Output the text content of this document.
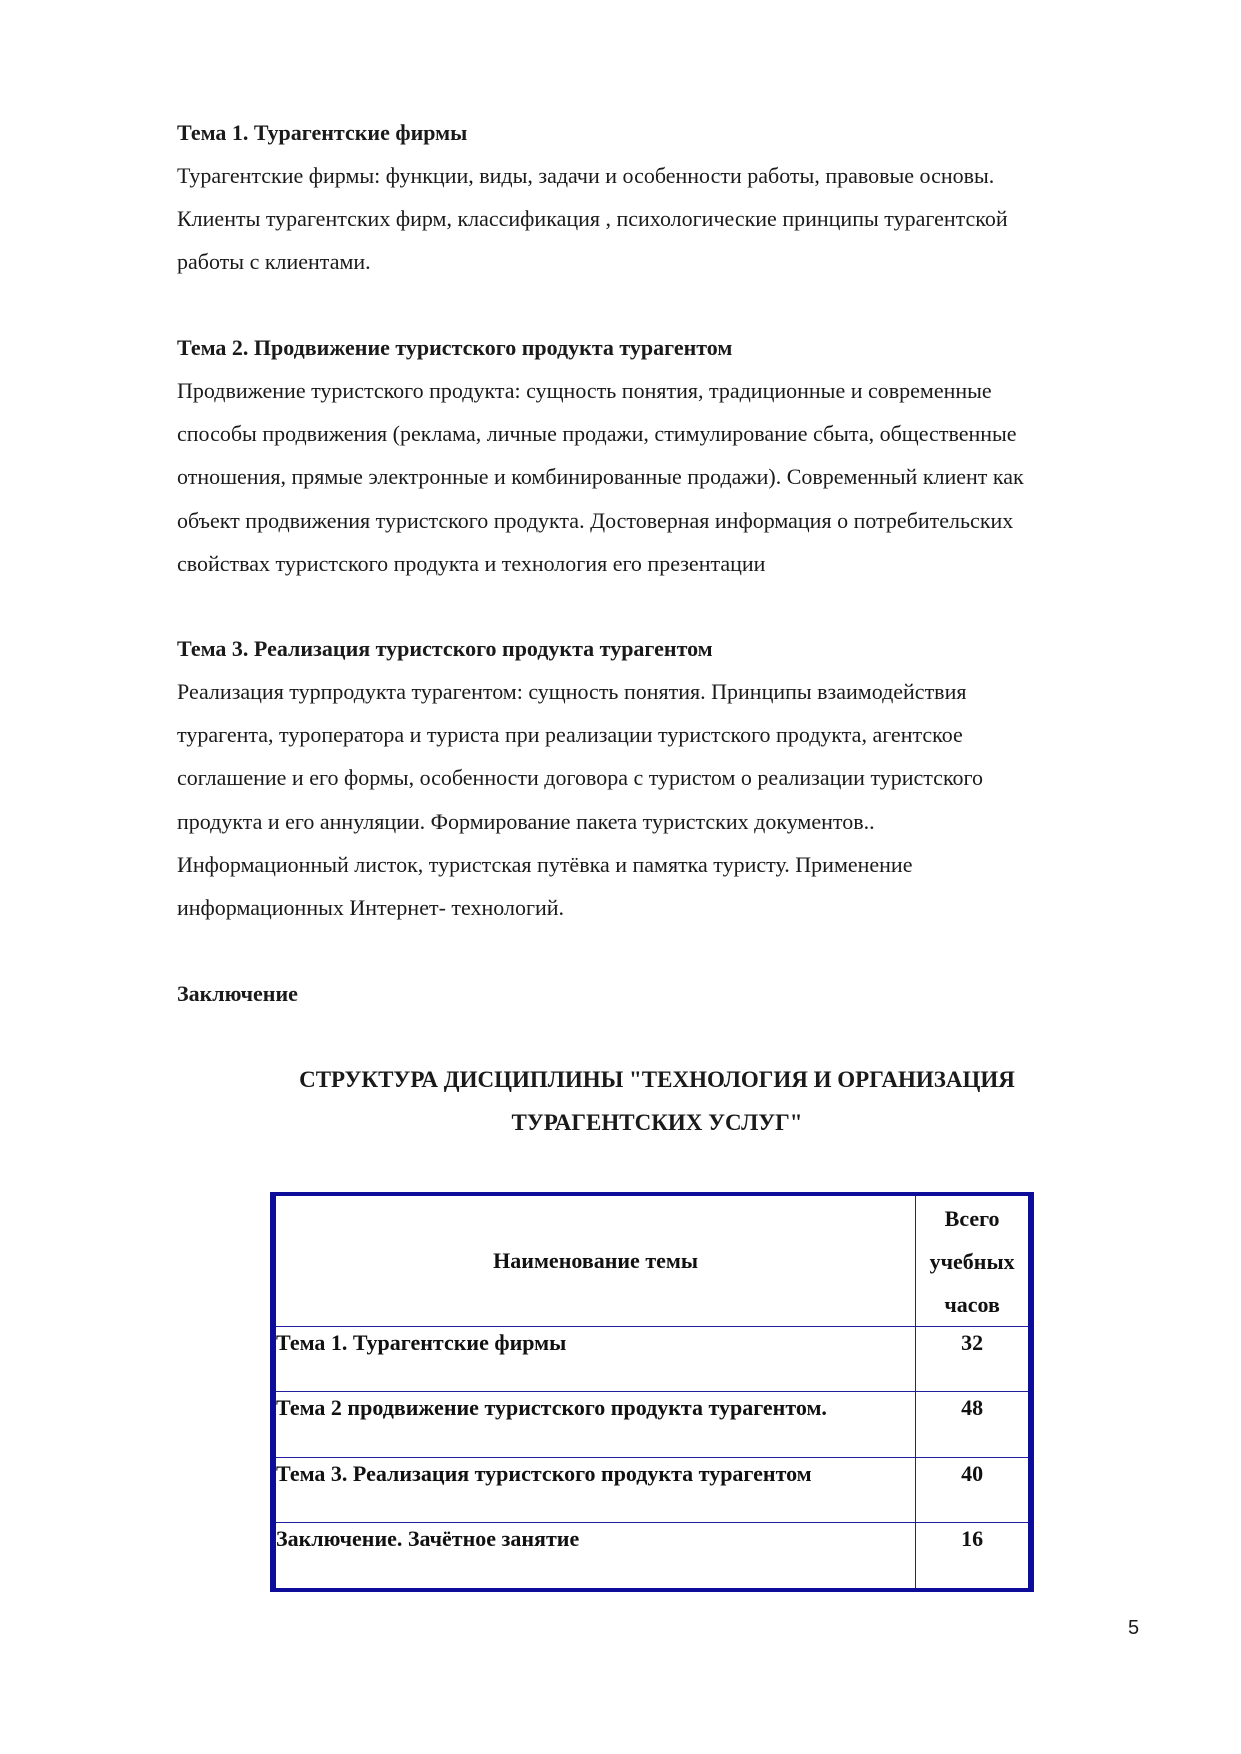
Тема 1. Турагентские фирмы

Турагентские фирмы: функции, виды, задачи и особенности работы, правовые основы.

Клиенты турагентских фирм, классификация , психологические принципы турагентской

работы с клиентами.

Тема 2. Продвижение туристского продукта турагентом

Продвижение туристского продукта: сущность понятия, традиционные и современные

способы продвижения (реклама, личные продажи, стимулирование сбыта, общественные

отношения, прямые электронные и комбинированные продажи). Современный клиент как

объект продвижения туристского продукта. Достоверная информация о потребительских

свойствах туристского продукта и технология его презентации

Тема 3. Реализация туристского продукта турагентом

Реализация турпродукта турагентом: сущность понятия. Принципы взаимодействия

турагента, туроператора и туриста при реализации туристского продукта, агентское

соглашение и его формы, особенности договора с туристом о реализации туристского

продукта и его аннуляции. Формирование пакета туристских документов..

Информационный листок, туристская путёвка и памятка туристу. Применение

информационных Интернет- технологий.

Заключение

СТРУКТУРА ДИСЦИПЛИНЫ "ТЕХНОЛОГИЯ И ОРГАНИЗАЦИЯ
ТУРАГЕНТСКИХ УСЛУГ"
Наименование темы	Всего
учебных
часов

Тема 1. Турагентские фирмы	32
Тема 2 продвижение туристского продукта турагентом.	48
Тема 3. Реализация туристского продукта турагентом	40
Заключение. Зачётное занятие	16
5
